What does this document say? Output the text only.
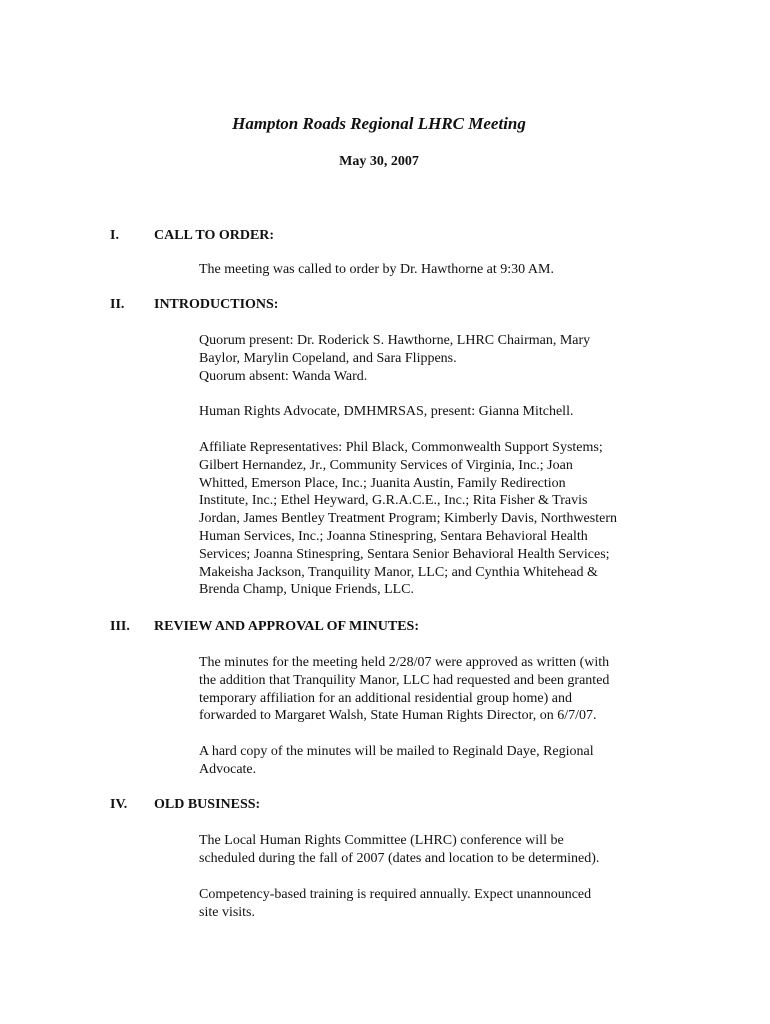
Hampton Roads Regional LHRC Meeting
May 30, 2007
I.	CALL TO ORDER:
The meeting was called to order by Dr. Hawthorne at 9:30 AM.
II. INTRODUCTIONS:
Quorum present: Dr. Roderick S. Hawthorne, LHRC Chairman, Mary
Baylor, Marylin Copeland, and Sara Flippens.
Quorum absent: Wanda Ward.
Human Rights Advocate, DMHMRSAS, present: Gianna Mitchell.
Affiliate Representatives: Phil Black, Commonwealth Support Systems;
Gilbert Hernandez, Jr., Community Services of Virginia, Inc.; Joan
Whitted, Emerson Place, Inc.; Juanita Austin, Family Redirection
Institute, Inc.; Ethel Heyward, G.R.A.C.E., Inc.; Rita Fisher & Travis
Jordan, James Bentley Treatment Program; Kimberly Davis, Northwestern
Human Services, Inc.; Joanna Stinespring, Sentara Behavioral Health
Services; Joanna Stinespring, Sentara Senior Behavioral Health Services;
Makeisha Jackson, Tranquility Manor, LLC; and Cynthia Whitehead &
Brenda Champ, Unique Friends, LLC.
III. REVIEW AND APPROVAL OF MINUTES:
The minutes for the meeting held 2/28/07 were approved as written (with
the addition that Tranquility Manor, LLC had requested and been granted
temporary affiliation for an additional residential group home) and
forwarded to Margaret Walsh, State Human Rights Director, on 6/7/07.
A hard copy of the minutes will be mailed to Reginald Daye, Regional
Advocate.
IV. OLD BUSINESS:
The Local Human Rights Committee (LHRC) conference will be
scheduled during the fall of 2007 (dates and location to be determined).
Competency-based training is required annually. Expect unannounced
site visits.
